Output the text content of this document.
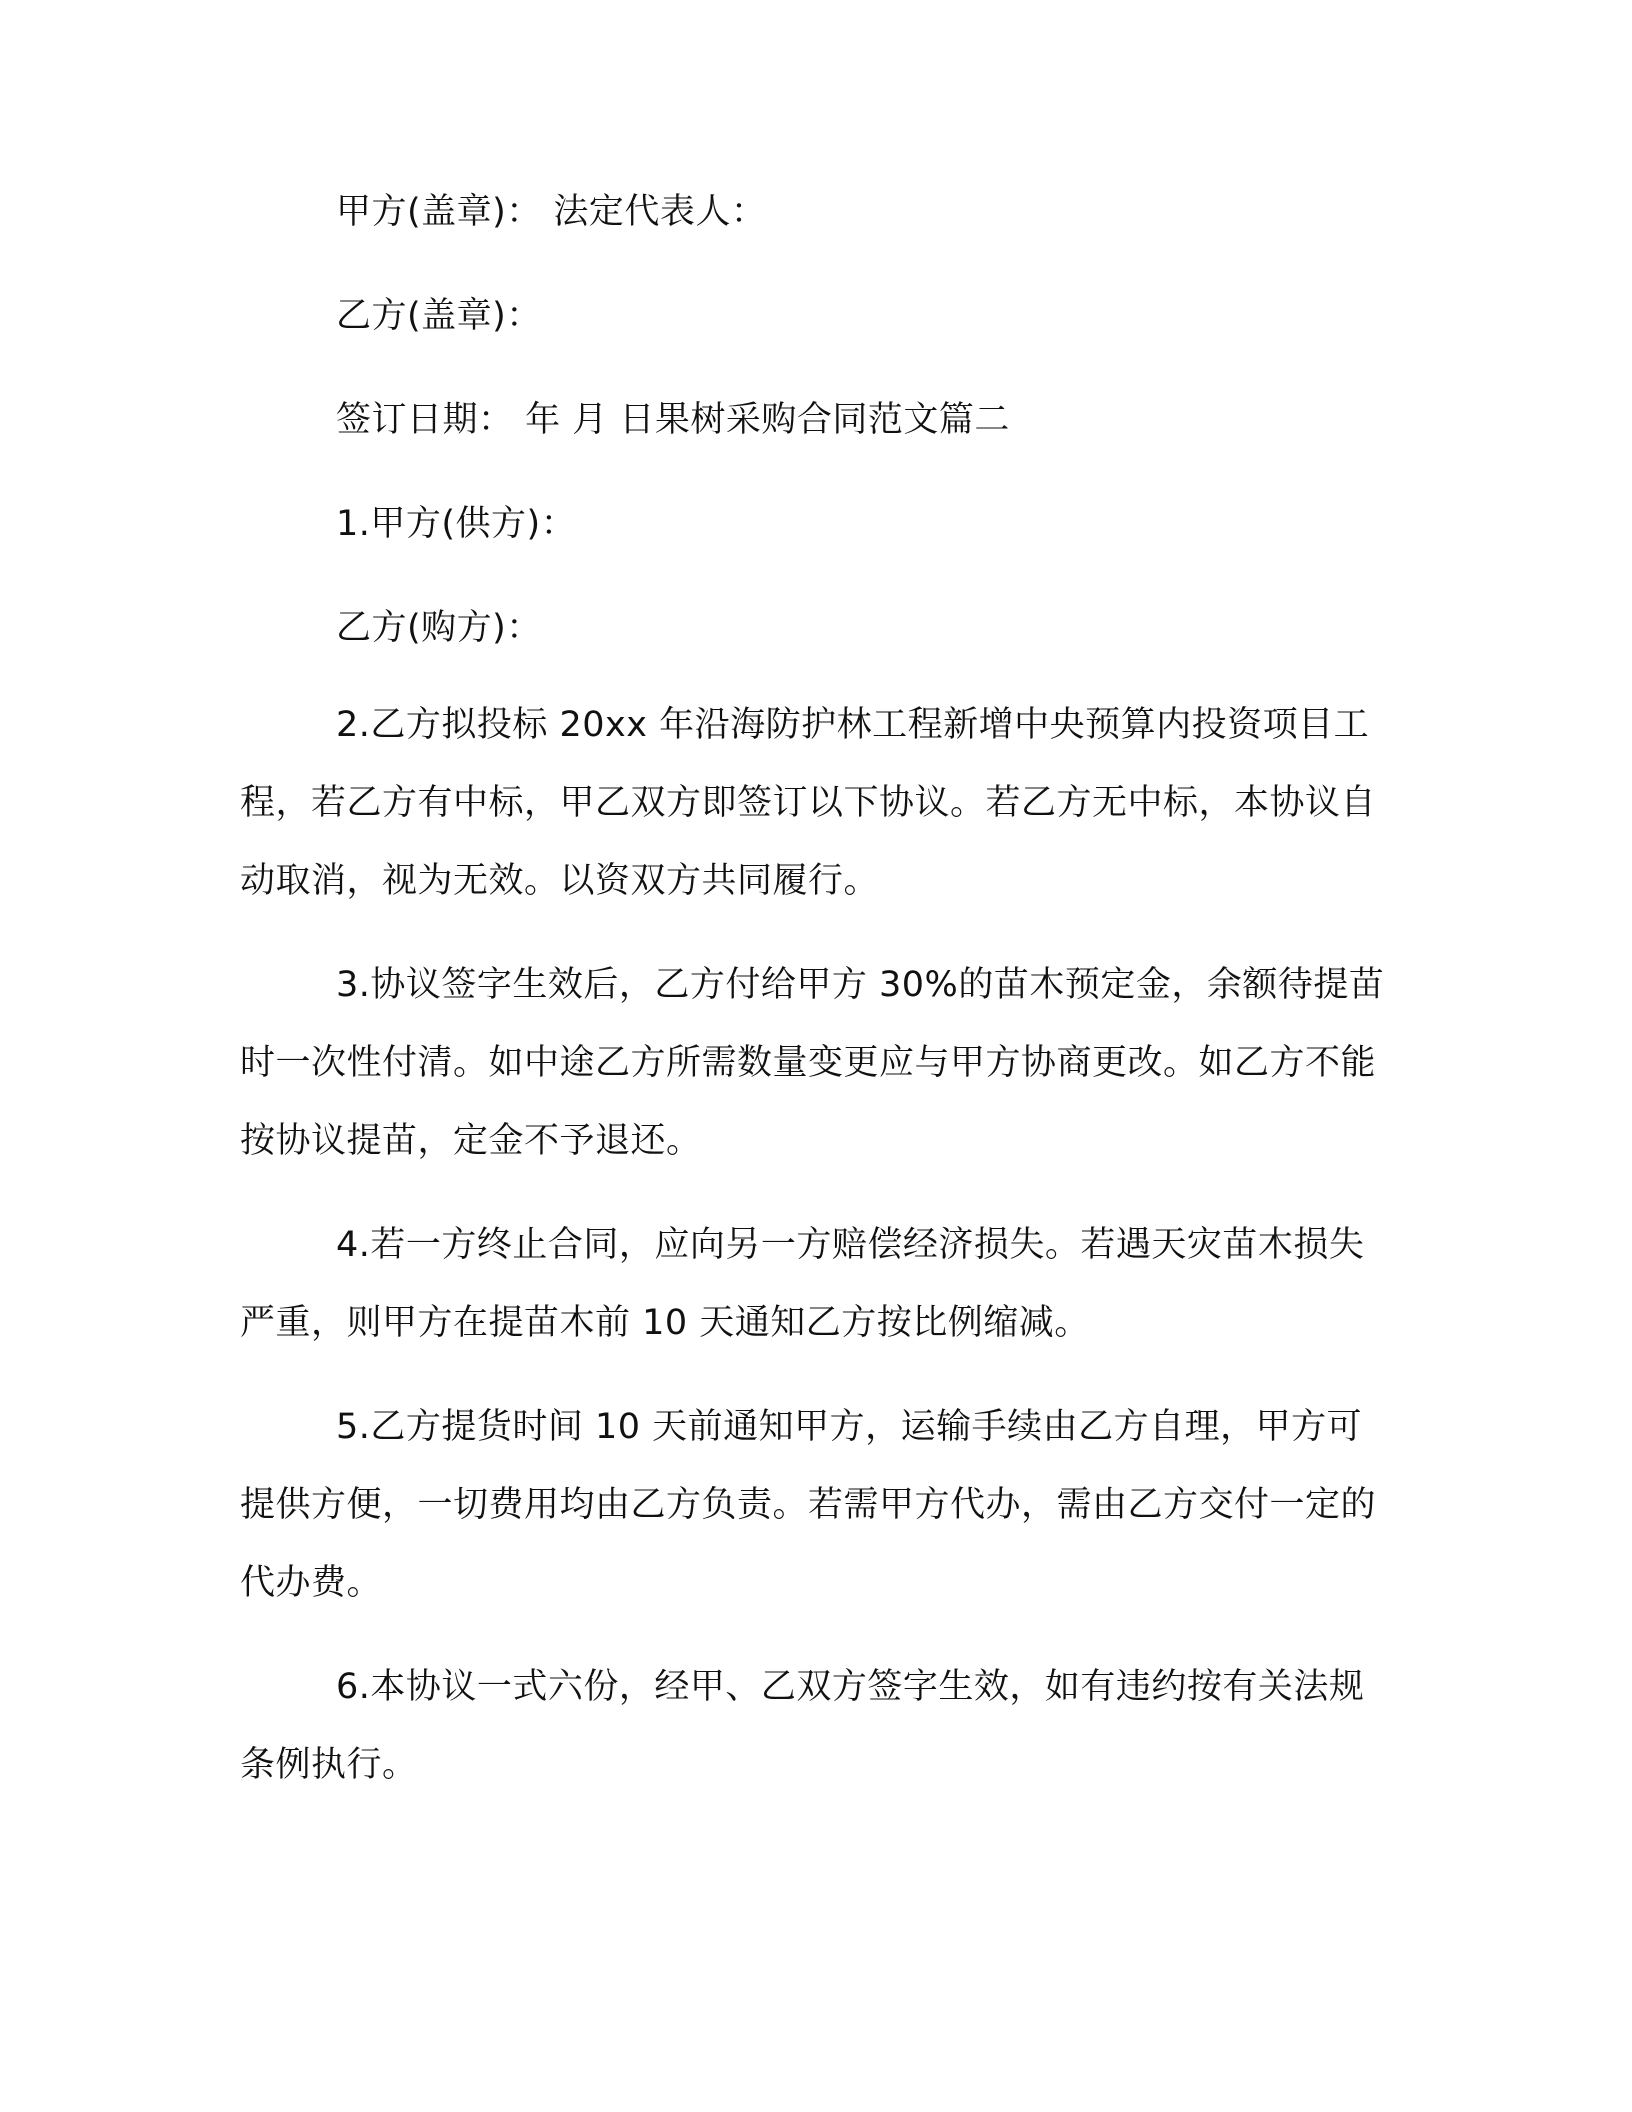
甲方(盖章)： 法定代表人：

乙方(盖章)：

签订日期： 年 月 日果树采购合同范文篇二

1.甲方(供方)：

乙方(购方)：

2.乙方拟投标 20xx 年沿海防护林工程新增中央预算内投资项目工程，若乙方有中标，甲乙双方即签订以下协议。若乙方无中标，本协议自动取消，视为无效。以资双方共同履行。

3.协议签字生效后，乙方付给甲方 30%的苗木预定金，余额待提苗时一次性付清。如中途乙方所需数量变更应与甲方协商更改。如乙方不能按协议提苗，定金不予退还。

4.若一方终止合同，应向另一方赔偿经济损失。若遇天灾苗木损失严重，则甲方在提苗木前 10 天通知乙方按比例缩减。

5.乙方提货时间 10 天前通知甲方，运输手续由乙方自理，甲方可提供方便，一切费用均由乙方负责。若需甲方代办，需由乙方交付一定的代办费。

6.本协议一式六份，经甲、乙双方签字生效，如有违约按有关法规条例执行。
